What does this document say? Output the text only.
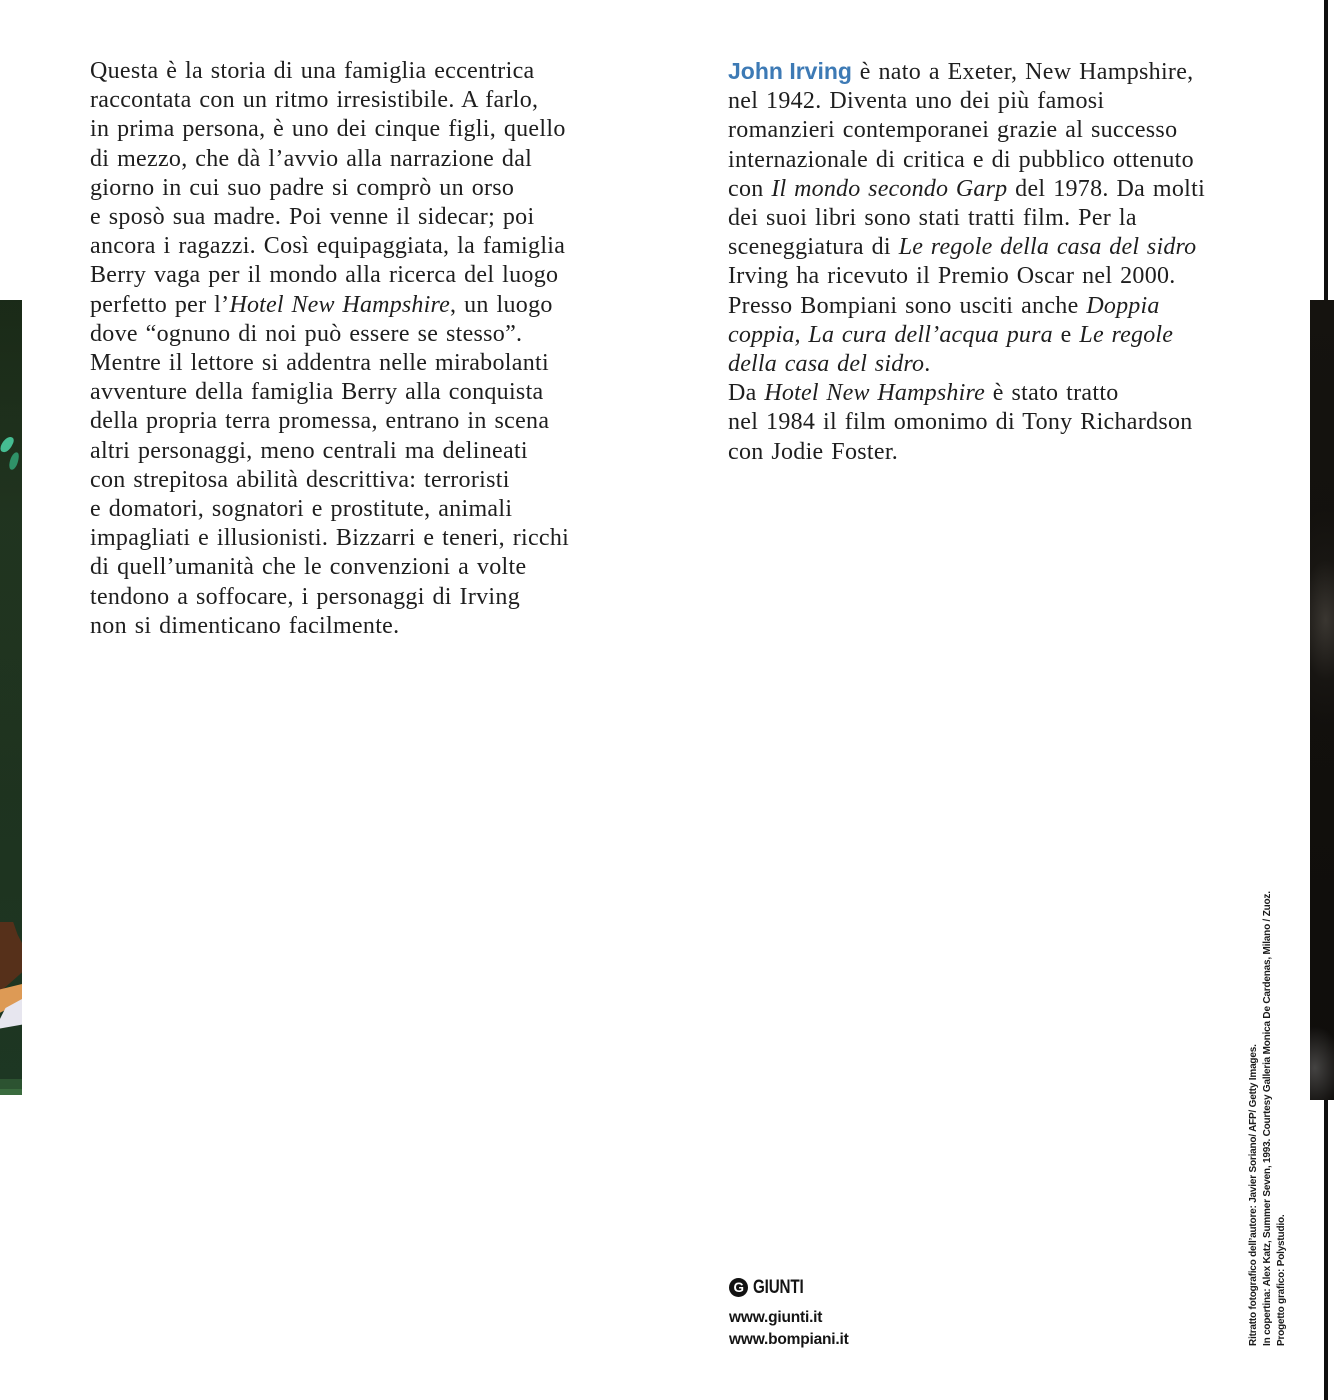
Questa è la storia di una famiglia eccentrica
raccontata con un ritmo irresistibile. A farlo,
in prima persona, è uno dei cinque figli, quello
di mezzo, che dà l’avvio alla narrazione dal
giorno in cui suo padre si comprò un orso
e sposò sua madre. Poi venne il sidecar; poi
ancora i ragazzi. Così equipaggiata, la famiglia
Berry vaga per il mondo alla ricerca del luogo
perfetto per l’Hotel New Hampshire, un luogo
dove “ognuno di noi può essere se stesso”.
Mentre il lettore si addentra nelle mirabolanti
avventure della famiglia Berry alla conquista
della propria terra promessa, entrano in scena
altri personaggi, meno centrali ma delineati
con strepitosa abilità descrittiva: terroristi
e domatori, sognatori e prostitute, animali
impagliati e illusionisti. Bizzarri e teneri, ricchi
di quell’umanità che le convenzioni a volte
tendono a soffocare, i personaggi di Irving
non si dimenticano facilmente.
John Irving è nato a Exeter, New Hampshire,
nel 1942. Diventa uno dei più famosi
romanzieri contemporanei grazie al successo
internazionale di critica e di pubblico ottenuto
con Il mondo secondo Garp del 1978. Da molti
dei suoi libri sono stati tratti film. Per la
sceneggiatura di Le regole della casa del sidro
Irving ha ricevuto il Premio Oscar nel 2000.
Presso Bompiani sono usciti anche Doppia
coppia, La cura dell’acqua pura e Le regole
della casa del sidro.
Da Hotel New Hampshire è stato tratto
nel 1984 il film omonimo di Tony Richardson
con Jodie Foster.
Ritratto fotografico dell’autore: Javier Soriano/ AFP/ Getty Images. In copertina: Alex Katz, Summer Seven, 1993. Courtesy Galleria Monica De Cardenas, Milano / Zuoz. Progetto grafico: Polystudio.
G GIUNTI
www.giunti.it
www.bompiani.it
